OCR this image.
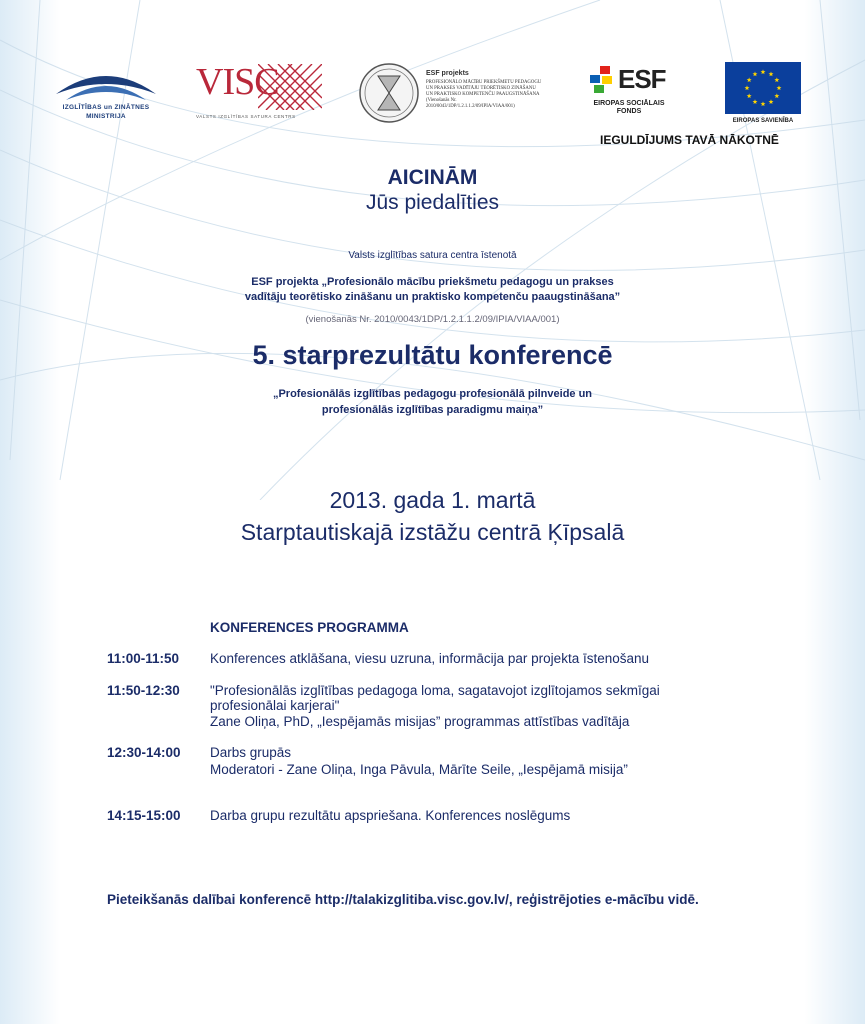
IZGLĪTĪBAS un ZINĀTNES
MINISTRIJA
VISC
VALSTS IZGLĪTĪBAS SATURA CENTRS
ESF projekts
PROFESIONĀLO MĀCĪBU PRIEKŠMETU PEDAGOGU
UN PRAKSES VADĪTĀJU TEORĒTISKO ZINĀŠANU
UN PRAKTISKO KOMPETENČU PAAUGSTINĀŠANA
(Vienošanās Nr. 2010/0043/1DP/1.2.1.1.2/09/IPIA/VIAA/001)
ESF
EIROPAS SOCIĀLAIS
FONDS
EIROPAS SAVIENĪBA
IEGULDĪJUMS TAVĀ NĀKOTNĒ
AICINĀM
Jūs piedalīties
Valsts izglītības satura centra īstenotā
ESF projekta „Profesionālo mācību priekšmetu pedagogu un prakses
vadītāju teorētisko zināšanu un praktisko kompetenču paaugstināšana”
(vienošanās Nr. 2010/0043/1DP/1.2.1.1.2/09/IPIA/VIAA/001)
5. starprezultātu konferencē
„Profesionālās izglītības pedagogu profesionālā pilnveide un
profesionālās izglītības paradigmu maiņa”
2013. gada 1. martā
Starptautiskajā izstāžu centrā Ķīpsalā
KONFERENCES PROGRAMMA
11:00-11:50 Konferences atklāšana, viesu uzruna, informācija par projekta īstenošanu
11:50-12:30 "Profesionālās izglītības pedagoga loma, sagatavojot izglītojamos sekmīgai
profesionālai karjerai"
Zane Oliņa, PhD, „Iespējamās misijas” programmas attīstības vadītāja
12:30-14:00 Darbs grupās
Moderatori - Zane Oliņa, Inga Pāvula, Mārīte Seile, „Iespējamā misija”
14:15-15:00 Darba grupu rezultātu apspriešana. Konferences noslēgums
Pieteikšanās dalībai konferencē http://talakizglitiba.visc.gov.lv/, reģistrējoties e-mācību vidē.
